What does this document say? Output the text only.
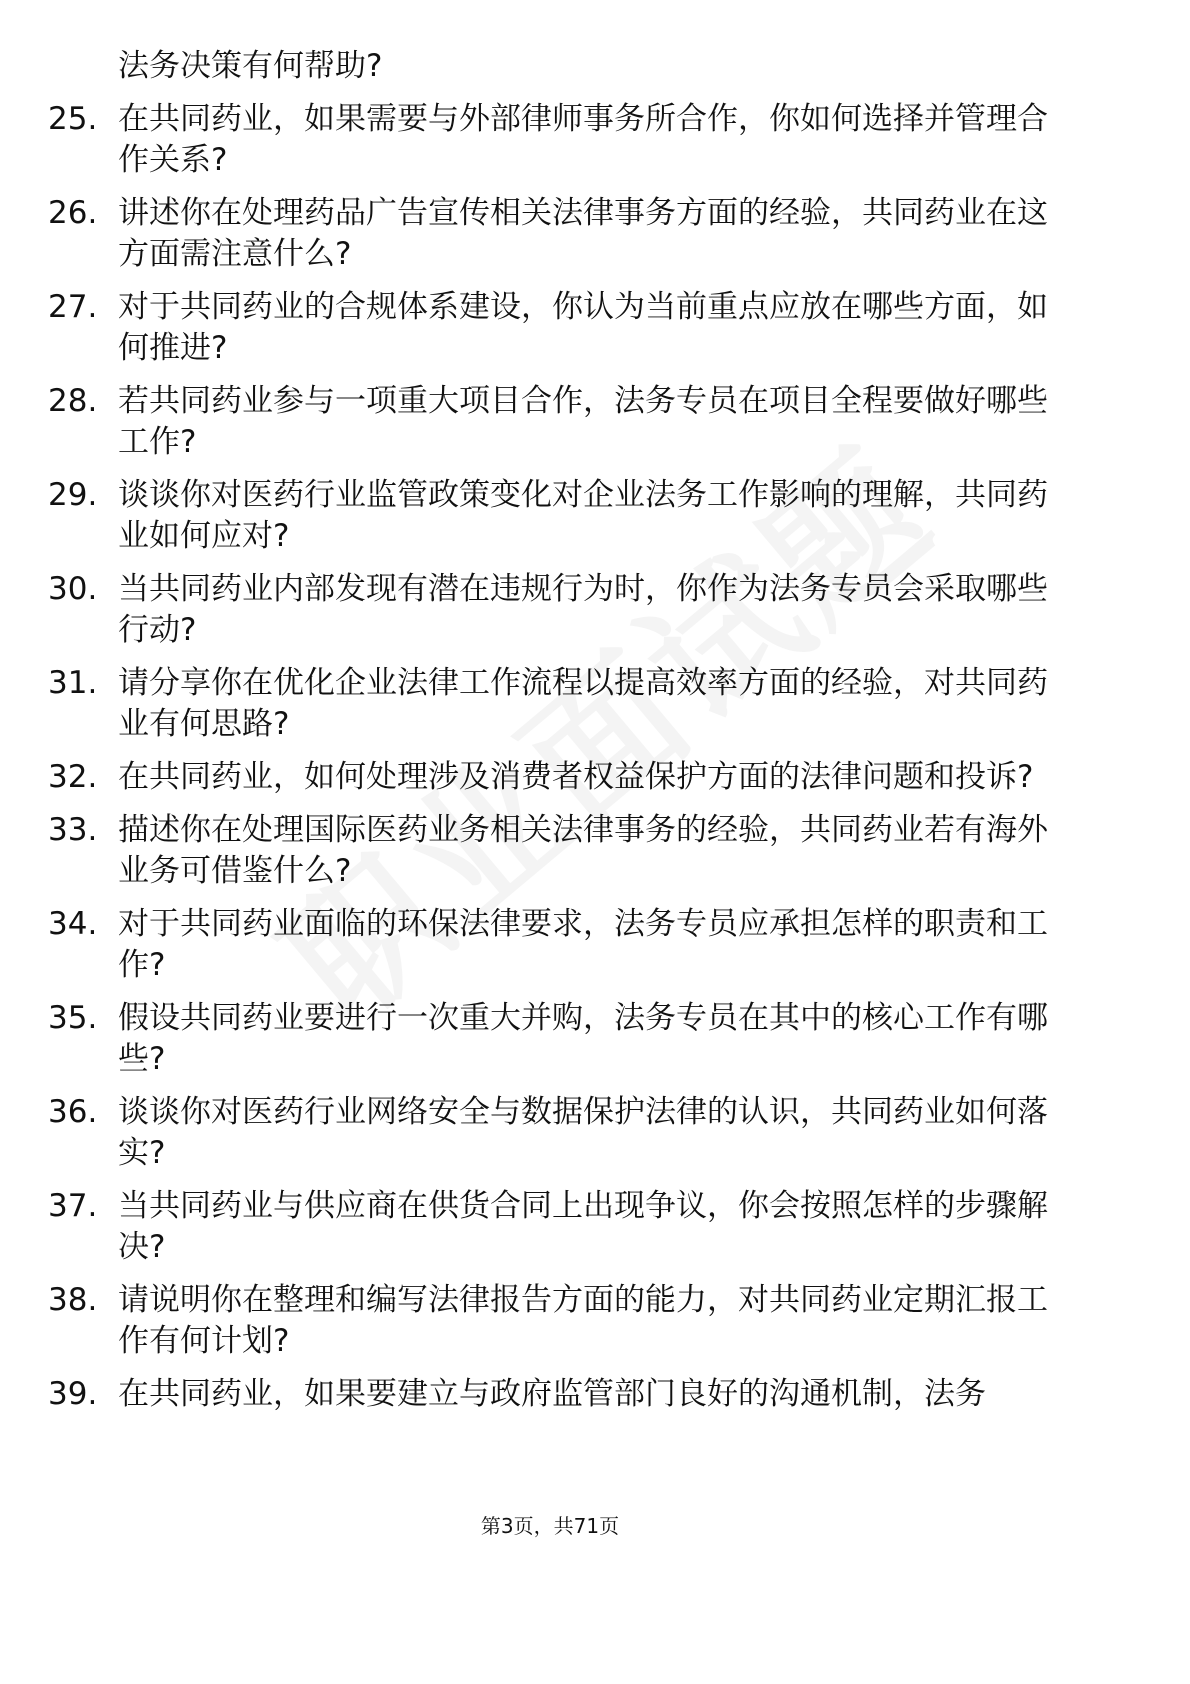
法务决策有何帮助?
25. 在共同药业，如果需要与外部律师事务所合作，你如何选择并管理合作关系?
26. 讲述你在处理药品广告宣传相关法律事务方面的经验，共同药业在这方面需注意什么?
27. 对于共同药业的合规体系建设，你认为当前重点应放在哪些方面，如何推进?
28. 若共同药业参与一项重大项目合作，法务专员在项目全程要做好哪些工作?
29. 谈谈你对医药行业监管政策变化对企业法务工作影响的理解，共同药业如何应对?
30. 当共同药业内部发现有潜在违规行为时，你作为法务专员会采取哪些行动?
31. 请分享你在优化企业法律工作流程以提高效率方面的经验，对共同药业有何思路?
32. 在共同药业，如何处理涉及消费者权益保护方面的法律问题和投诉?
33. 描述你在处理国际医药业务相关法律事务的经验，共同药业若有海外业务可借鉴什么?
34. 对于共同药业面临的环保法律要求，法务专员应承担怎样的职责和工作?
35. 假设共同药业要进行一次重大并购，法务专员在其中的核心工作有哪些?
36. 谈谈你对医药行业网络安全与数据保护法律的认识，共同药业如何落实?
37. 当共同药业与供应商在供货合同上出现争议，你会按照怎样的步骤解决?
38. 请说明你在整理和编写法律报告方面的能力，对共同药业定期汇报工作有何计划?
39. 在共同药业，如果要建立与政府监管部门良好的沟通机制，法务
第3页，共71页
